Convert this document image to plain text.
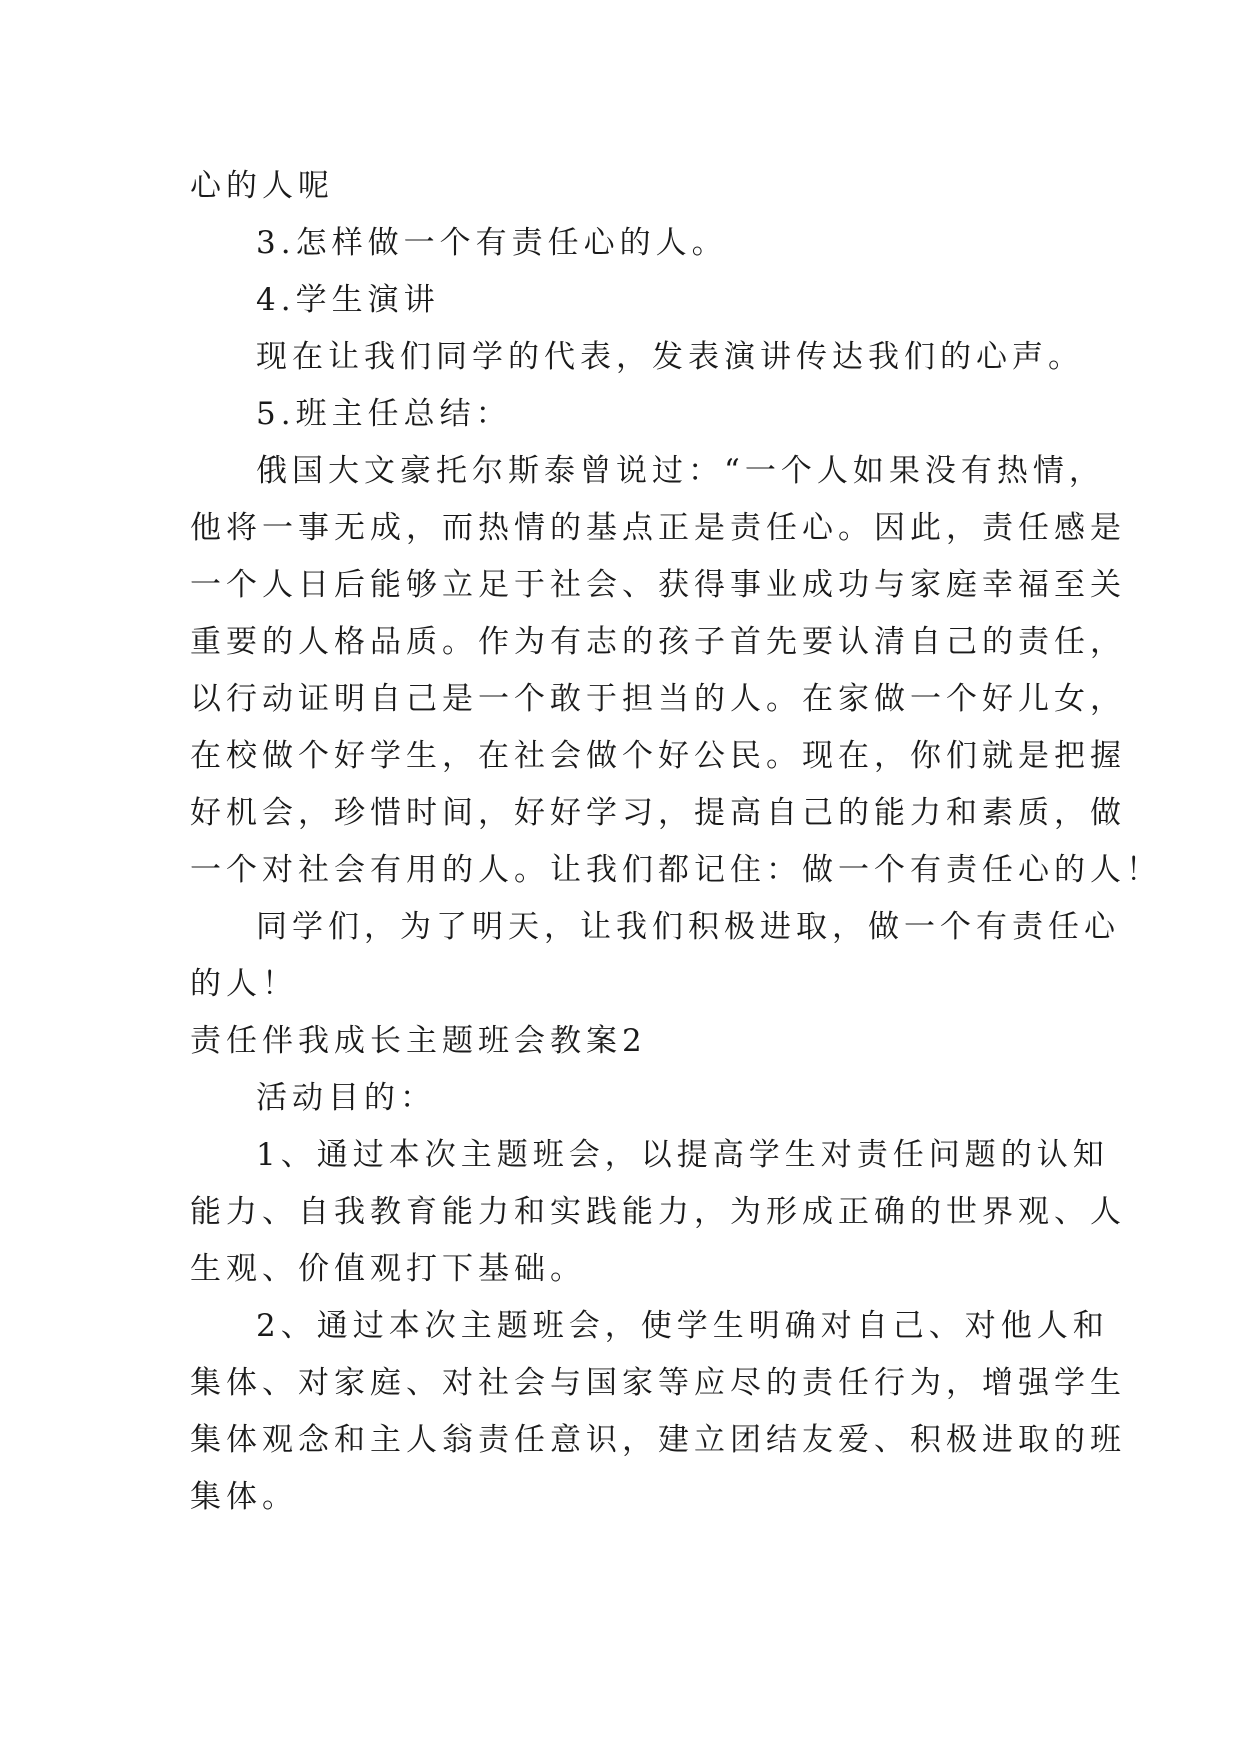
心的人呢
3.怎样做一个有责任心的人。
4.学生演讲
现在让我们同学的代表，发表演讲传达我们的心声。
5.班主任总结：
俄国大文豪托尔斯泰曾说过：“一个人如果没有热情，
他将一事无成，而热情的基点正是责任心。因此，责任感是
一个人日后能够立足于社会、获得事业成功与家庭幸福至关
重要的人格品质。作为有志的孩子首先要认清自己的责任，
以行动证明自己是一个敢于担当的人。在家做一个好儿女，
在校做个好学生，在社会做个好公民。现在，你们就是把握
好机会，珍惜时间，好好学习，提高自己的能力和素质，做
一个对社会有用的人。让我们都记住：做一个有责任心的人！
同学们，为了明天，让我们积极进取，做一个有责任心
的人！
责任伴我成长主题班会教案2
活动目的：
1、通过本次主题班会，以提高学生对责任问题的认知
能力、自我教育能力和实践能力，为形成正确的世界观、人
生观、价值观打下基础。
2、通过本次主题班会，使学生明确对自己、对他人和
集体、对家庭、对社会与国家等应尽的责任行为，增强学生
集体观念和主人翁责任意识，建立团结友爱、积极进取的班
集体。
